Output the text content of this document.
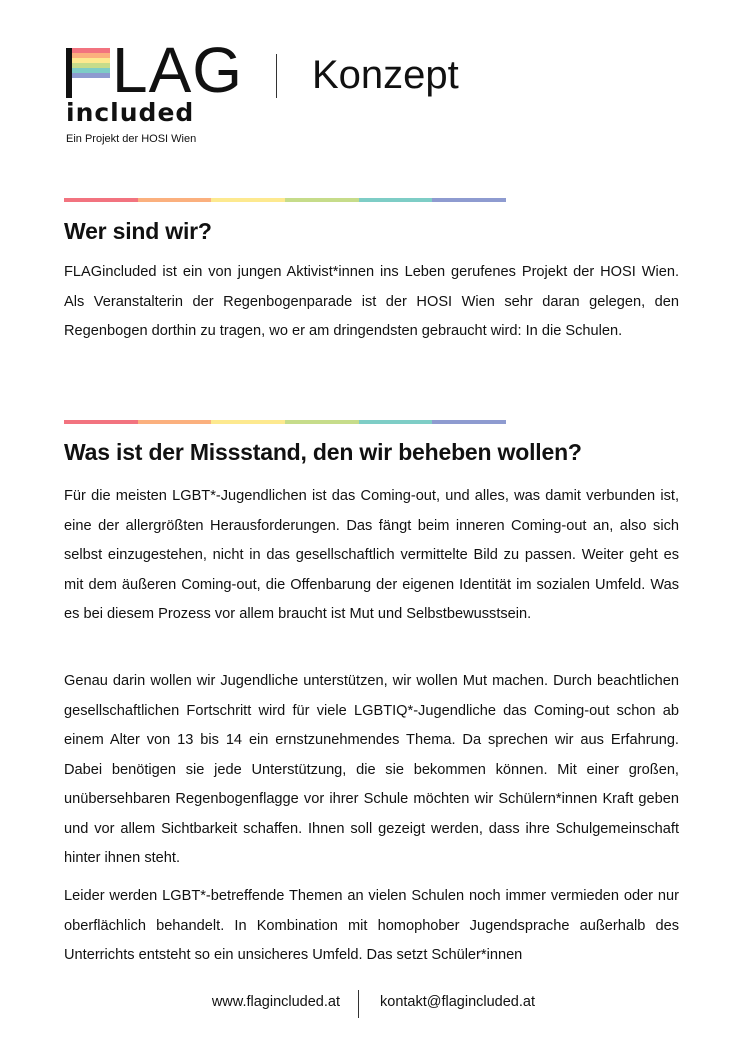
LAG
included
Ein Projekt der HOSI Wien
Konzept
Wer sind wir?

FLAGincluded ist ein von jungen Aktivist*innen ins Leben gerufenes Projekt der HOSI Wien. Als Veranstalterin der Regenbogenparade ist der HOSI Wien sehr daran gelegen, den Regenbogen dorthin zu tragen, wo er am dringendsten gebraucht wird: In die Schulen.

Was ist der Missstand, den wir beheben wollen?

Für die meisten LGBT*-Jugendlichen ist das Coming-out, und alles, was damit verbunden ist, eine der allergrößten Herausforderungen. Das fängt beim inneren Coming-out an, also sich selbst einzugestehen, nicht in das gesellschaftlich vermittelte Bild zu passen. Weiter geht es mit dem äußeren Coming-out, die Offenbarung der eigenen Identität im sozialen Umfeld. Was es bei diesem Prozess vor allem braucht ist Mut und Selbstbewusstsein.

Genau darin wollen wir Jugendliche unterstützen, wir wollen Mut machen. Durch beachtlichen gesellschaftlichen Fortschritt wird für viele LGBTIQ*-Jugendliche das Coming-out schon ab einem Alter von 13 bis 14 ein ernstzunehmendes Thema. Da sprechen wir aus Erfahrung. Dabei benötigen sie jede Unterstützung, die sie bekommen können. Mit einer großen, unübersehbaren Regenbogenflagge vor ihrer Schule möchten wir Schülern*innen Kraft geben und vor allem Sichtbarkeit schaffen. Ihnen soll gezeigt werden, dass ihre Schulgemeinschaft hinter ihnen steht.

Leider werden LGBT*-betreffende Themen an vielen Schulen noch immer vermieden oder nur oberflächlich behandelt. In Kombination mit homophober Jugendsprache außerhalb des Unterrichts entsteht so ein unsicheres Umfeld. Das setzt Schüler*innen

www.flagincluded.at	kontakt@flagincluded.at
